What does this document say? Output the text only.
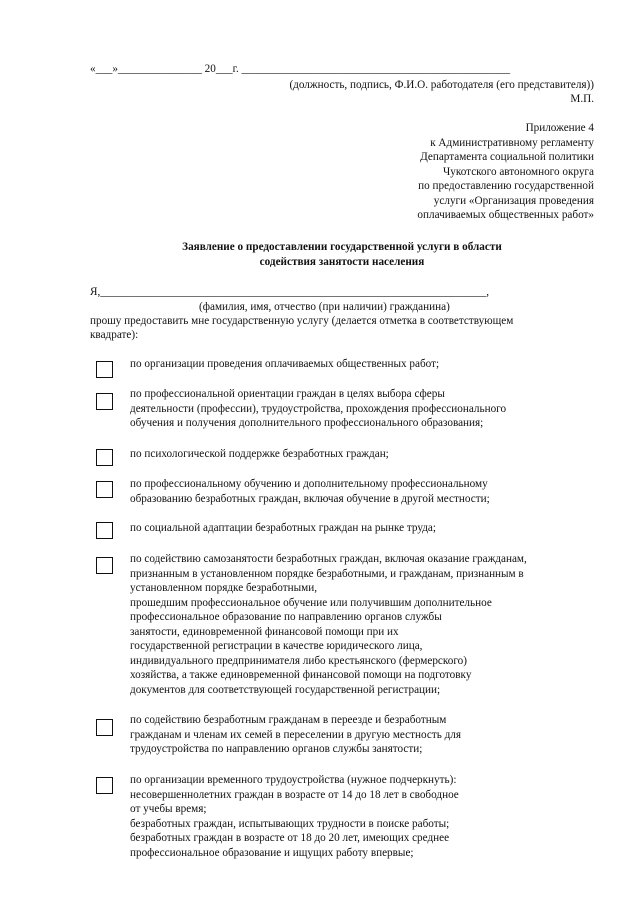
«___»_______________ 20___г. ________________________________________________
(должность, подпись, Ф.И.О. работодателя (его представителя))
М.П.
Приложение 4
к Административному регламенту
Департамента социальной политики
Чукотского автономного округа
по предоставлению государственной
услуги «Организация проведения
оплачиваемых общественных работ»
Заявление о предоставлении государственной услуги в области
содействия занятости населения
Я,_____________________________________________________________________,
(фамилия, имя, отчество (при наличии) гражданина)
прошу предоставить мне государственную услугу (делается отметка в соответствующем
квадрате):
по организации проведения оплачиваемых общественных работ;
по профессиональной ориентации граждан в целях выбора сферы
деятельности (профессии), трудоустройства, прохождения профессионального
обучения и получения дополнительного профессионального образования;
по психологической поддержке безработных граждан;
по профессиональному обучению и дополнительному профессиональному
образованию безработных граждан, включая обучение в другой местности;
по социальной адаптации безработных граждан на рынке труда;
по содействию самозанятости безработных граждан, включая оказание гражданам,
признанным в установленном порядке безработными, и гражданам, признанным в
установленном порядке безработными,
прошедшим профессиональное обучение или получившим дополнительное
профессиональное образование по направлению органов службы
занятости, единовременной финансовой помощи при их
государственной регистрации в качестве юридического лица,
индивидуального предпринимателя либо крестьянского (фермерского)
хозяйства, а также единовременной финансовой помощи на подготовку
документов для соответствующей государственной регистрации;
по содействию безработным гражданам в переезде и безработным
гражданам и членам их семей в переселении в другую местность для
трудоустройства по направлению органов службы занятости;
по организации временного трудоустройства (нужное подчеркнуть):
несовершеннолетних граждан в возрасте от 14 до 18 лет в свободное
от учебы время;
безработных граждан, испытывающих трудности в поиске работы;
безработных граждан в возрасте от 18 до 20 лет, имеющих среднее
профессиональное образование и ищущих работу впервые;
